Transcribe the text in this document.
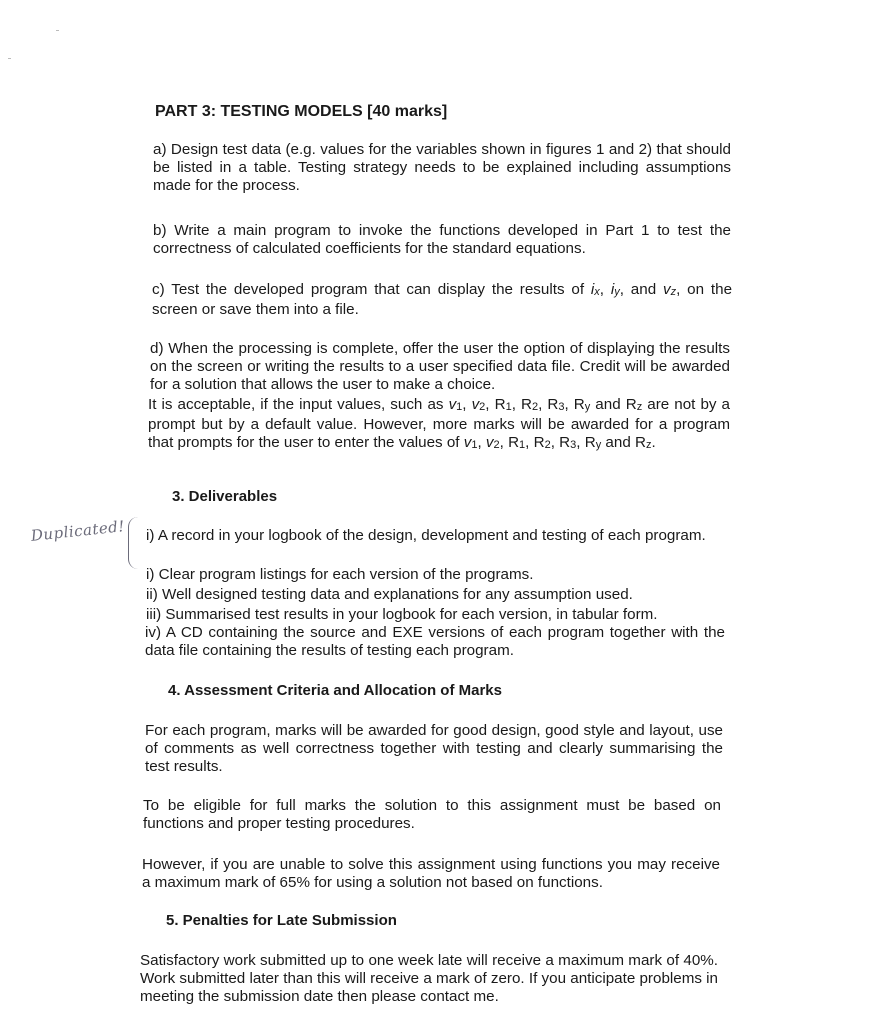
PART 3: TESTING MODELS [40 marks]

a) Design test data (e.g. values for the variables shown in figures 1 and 2) that should be listed in a table. Testing strategy needs to be explained including assumptions made for the process.

b) Write a main program to invoke the functions developed in Part 1 to test the correctness of calculated coefficients for the standard equations.

c) Test the developed program that can display the results of ix, iy, and vz, on the screen or save them into a file.

d) When the processing is complete, offer the user the option of displaying the results on the screen or writing the results to a user specified data file. Credit will be awarded for a solution that allows the user to make a choice.

It is acceptable, if the input values, such as v1, v2, R1, R2, R3, Ry and Rz are not by a prompt but by a default value. However, more marks will be awarded for a program that prompts for the user to enter the values of v1, v2, R1, R2, R3, Ry and Rz.

3. Deliverables
Duplicated! i) A record in your logbook of the design, development and testing of each program.

i) Clear program listings for each version of the programs.
ii) Well designed testing data and explanations for any assumption used.
iii) Summarised test results in your logbook for each version, in tabular form.

iv) A CD containing the source and EXE versions of each program together with the data file containing the results of testing each program.

4. Assessment Criteria and Allocation of Marks

For each program, marks will be awarded for good design, good style and layout, use of comments as well correctness together with testing and clearly summarising the test results.

To be eligible for full marks the solution to this assignment must be based on functions and proper testing procedures.

However, if you are unable to solve this assignment using functions you may receive a maximum mark of 65% for using a solution not based on functions.

5. Penalties for Late Submission

Satisfactory work submitted up to one week late will receive a maximum mark of 40%. Work submitted later than this will receive a mark of zero. If you anticipate problems in meeting the submission date then please contact me.
